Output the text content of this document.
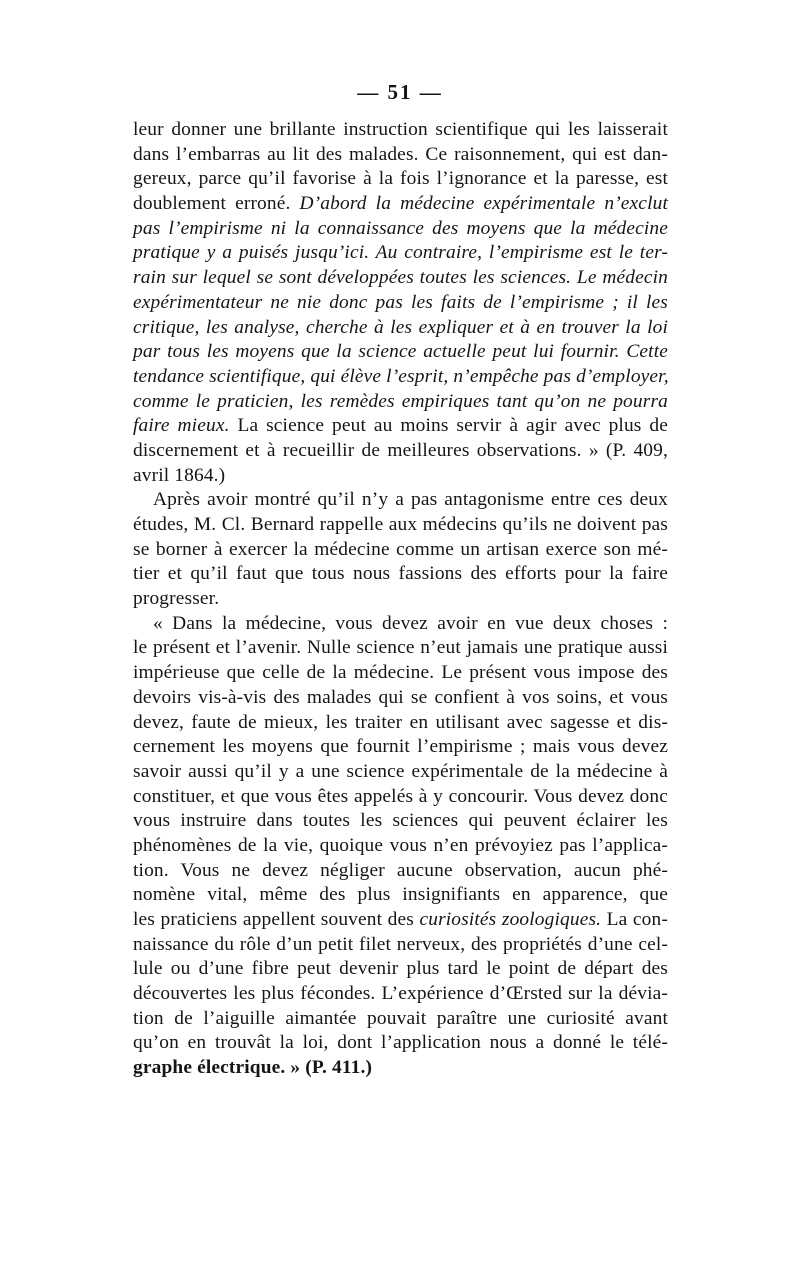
— 51 —
leur donner une brillante instruction scientifique qui les laisserait
dans l’embarras au lit des malades. Ce raisonnement, qui est dan-
gereux, parce qu’il favorise à la fois l’ignorance et la paresse, est
doublement erroné. D’abord la médecine expérimentale n’exclut
pas l’empirisme ni la connaissance des moyens que la médecine
pratique y a puisés jusqu’ici. Au contraire, l’empirisme est le ter-
rain sur lequel se sont développées toutes les sciences. Le médecin
expérimentateur ne nie donc pas les faits de l’empirisme ; il les
critique, les analyse, cherche à les expliquer et à en trouver la loi
par tous les moyens que la science actuelle peut lui fournir. Cette
tendance scientifique, qui élève l’esprit, n’empêche pas d’employer,
comme le praticien, les remèdes empiriques tant qu’on ne pourra
faire mieux. La science peut au moins servir à agir avec plus de
discernement et à recueillir de meilleures observations. » (P. 409,
avril 1864.)
Après avoir montré qu’il n’y a pas antagonisme entre ces deux
études, M. Cl. Bernard rappelle aux médecins qu’ils ne doivent pas
se borner à exercer la médecine comme un artisan exerce son mé-
tier et qu’il faut que tous nous fassions des efforts pour la faire
progresser.
« Dans la médecine, vous devez avoir en vue deux choses :
le présent et l’avenir. Nulle science n’eut jamais une pratique aussi
impérieuse que celle de la médecine. Le présent vous impose des
devoirs vis-à-vis des malades qui se confient à vos soins, et vous
devez, faute de mieux, les traiter en utilisant avec sagesse et dis-
cernement les moyens que fournit l’empirisme ; mais vous devez
savoir aussi qu’il y a une science expérimentale de la médecine à
constituer, et que vous êtes appelés à y concourir. Vous devez donc
vous instruire dans toutes les sciences qui peuvent éclairer les
phénomènes de la vie, quoique vous n’en prévoyiez pas l’applica-
tion. Vous ne devez négliger aucune observation, aucun phé-
nomène vital, même des plus insignifiants en apparence, que
les praticiens appellent souvent des curiosités zoologiques. La con-
naissance du rôle d’un petit filet nerveux, des propriétés d’une cel-
lule ou d’une fibre peut devenir plus tard le point de départ des
découvertes les plus fécondes. L’expérience d’Œrsted sur la dévia-
tion de l’aiguille aimantée pouvait paraître une curiosité avant
qu’on en trouvât la loi, dont l’application nous a donné le télé-
graphe électrique. » (P. 411.)
